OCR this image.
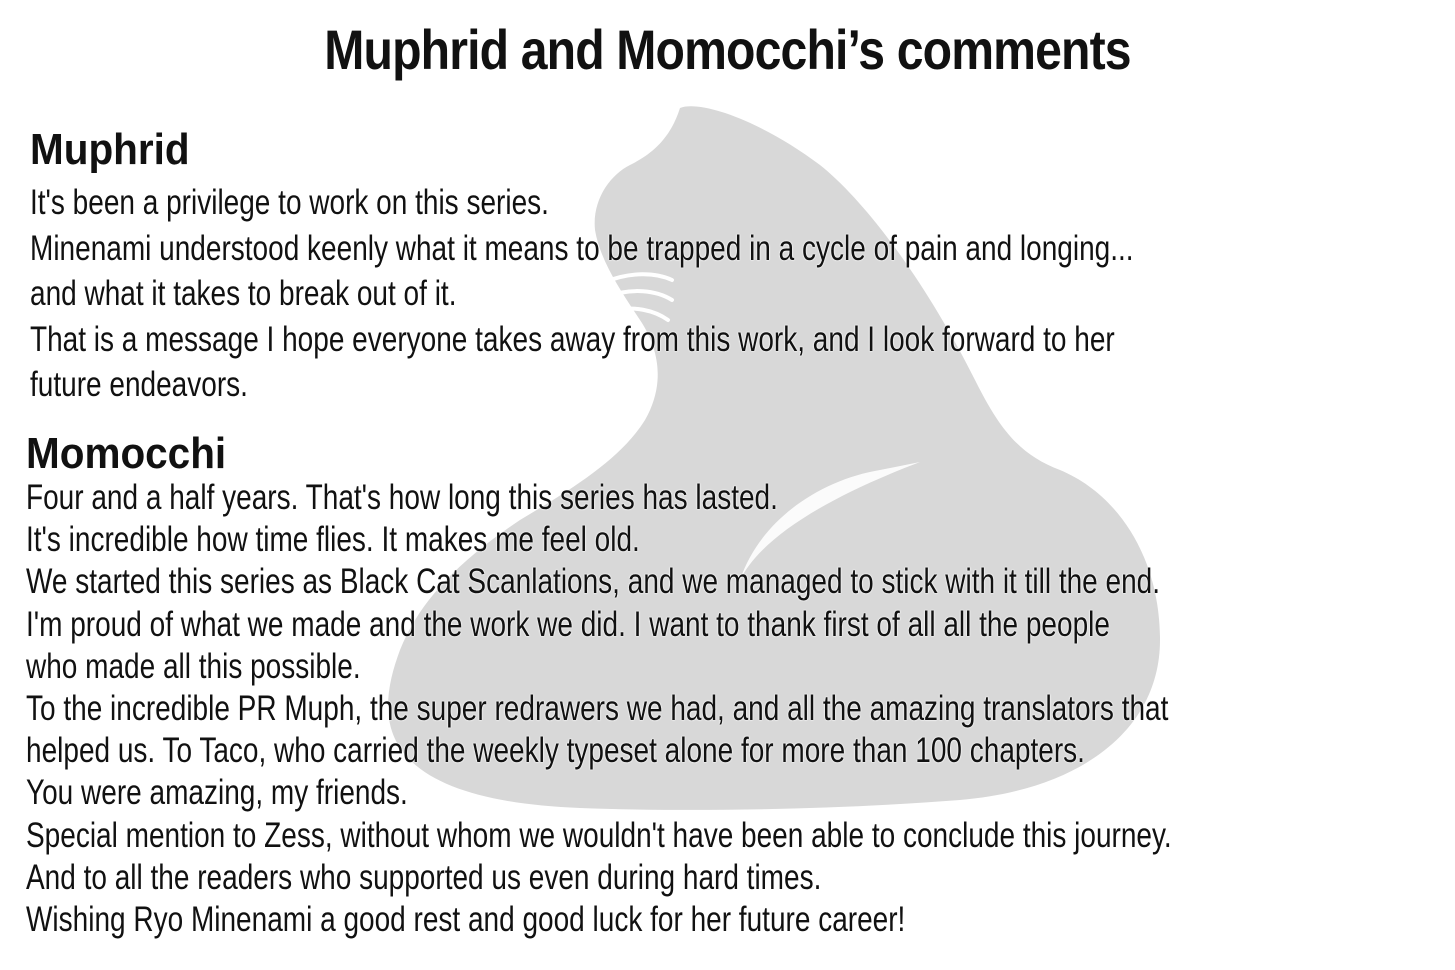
Muphrid and Momocchi’s comments
Muphrid
It's been a privilege to work on this series.
Minenami understood keenly what it means to be trapped in a cycle of pain and longing...
and what it takes to break out of it.
That is a message I hope everyone takes away from this work, and I look forward to her
future endeavors.
Momocchi
Four and a half years. That's how long this series has lasted.
It's incredible how time flies. It makes me feel old.
We started this series as Black Cat Scanlations, and we managed to stick with it till the end.
I'm proud of what we made and the work we did. I want to thank first of all all the people
who made all this possible.
To the incredible PR Muph, the super redrawers we had, and all the amazing translators that
helped us. To Taco, who carried the weekly typeset alone for more than 100 chapters.
You were amazing, my friends.
Special mention to Zess, without whom we wouldn't have been able to conclude this journey.
And to all the readers who supported us even during hard times.
Wishing Ryo Minenami a good rest and good luck for her future career!
